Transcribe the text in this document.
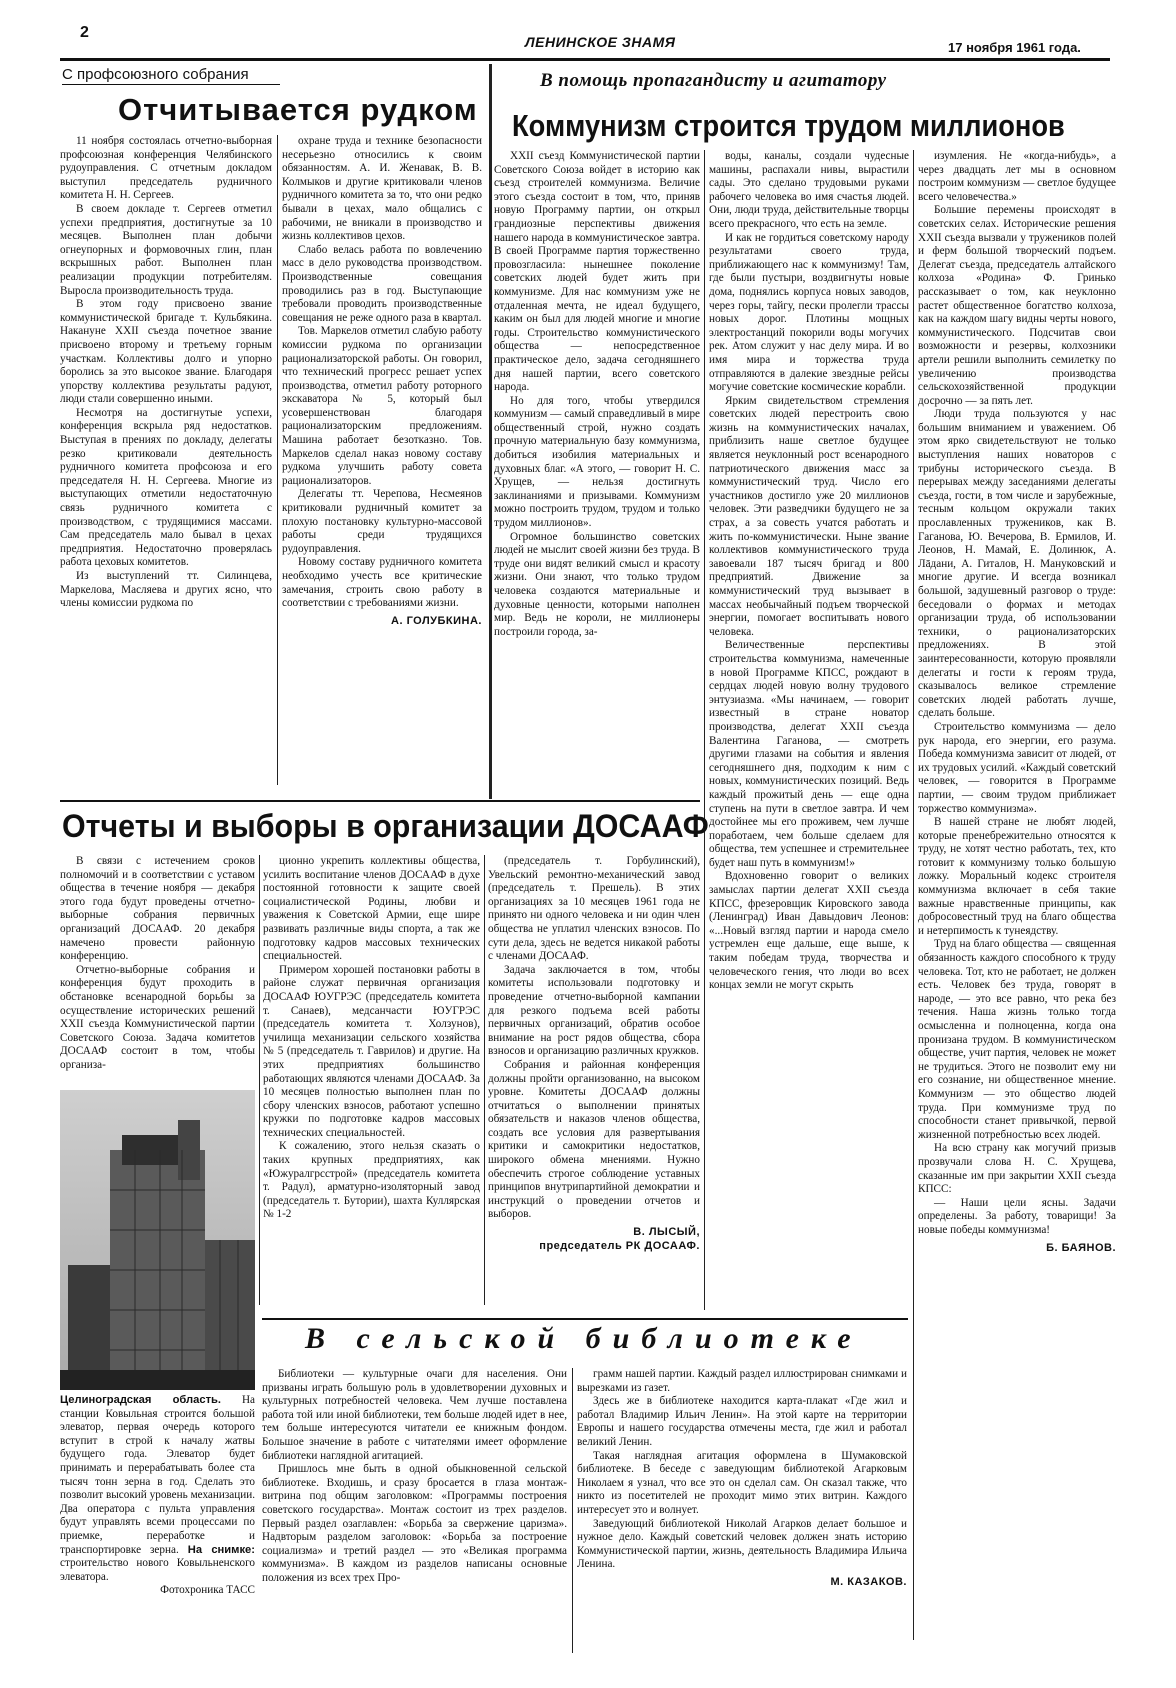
2
ЛЕНИНСКОЕ ЗНАМЯ	17 ноября 1961 года.
С профсоюзного собрания
Отчитывается рудком

11 ноября состоялась отчетно-выборная профсоюзная конференция Челябинского рудоуправления. С отчетным докладом выступил председатель рудничного комитета Н. Н. Сергеев.

В своем докладе т. Сергеев отметил успехи предприятия, достигнутые за 10 месяцев. Выполнен план добычи огнеупорных и формовочных глин, план вскрышных работ. Выполнен план реализации продукции потребителям. Выросла производительность труда.

В этом году присвоено звание коммунистической бригаде т. Кульбякина. Накануне XXII съезда почетное звание присвоено второму и третьему горным участкам. Коллективы долго и упорно боролись за это высокое звание. Благодаря упорству коллектива результаты радуют, люди стали совершенно иными.

Несмотря на достигнутые успехи, конференция вскрыла ряд недостатков. Выступая в прениях по докладу, делегаты резко критиковали деятельность рудничного комитета профсоюза и его председателя Н. Н. Сергеева. Многие из выступающих отметили недостаточную связь рудничного комитета с производством, с трудящимися массами. Сам председатель мало бывал в цехах предприятия. Недостаточно проверялась работа цеховых комитетов.

Из выступлений тт. Силинцева, Маркелова, Масляева и других ясно, что члены комиссии рудкома по

охране труда и технике безопасности несерьезно относились к своим обязанностям. А. И. Женавак, В. В. Колмыков и другие критиковали членов рудничного комитета за то, что они редко бывали в цехах, мало общались с рабочими, не вникали в производство и жизнь коллективов цехов.

Слабо велась работа по вовлечению масс в дело руководства производством. Производственные совещания проводились раз в год. Выступающие требовали проводить производственные совещания не реже одного раза в квартал.

Тов. Маркелов отметил слабую работу комиссии рудкома по организации рационализаторской работы. Он говорил, что технический прогресс решает успех производства, отметил работу роторного экскаватора № 5, который был усовершенствован благодаря рационализаторским предложениям. Машина работает безотказно. Тов. Маркелов сделал наказ новому составу рудкома улучшить работу совета рационализаторов.

Делегаты тт. Черепова, Несмеянов критиковали рудничный комитет за плохую постановку культурно-массовой работы среди трудящихся рудоуправления.

Новому составу рудничного комитета необходимо учесть все критические замечания, строить свою работу в соответствии с требованиями жизни.

А. ГОЛУБКИНА.
В помощь пропагандисту и агитатору
Коммунизм строится трудом миллионов

XXII съезд Коммунистической партии Советского Союза войдет в историю как съезд строителей коммунизма. Величие этого съезда состоит в том, что, приняв новую Программу партии, он открыл грандиозные перспективы движения нашего народа в коммунистическое завтра. В своей Программе партия торжественно провозгласила: нынешнее поколение советских людей будет жить при коммунизме. Для нас коммунизм уже не отдаленная мечта, не идеал будущего, каким он был для людей многие и многие годы. Строительство коммунистического общества — непосредственное практическое дело, задача сегодняшнего дня нашей партии, всего советского народа.

Но для того, чтобы утвердился коммунизм — самый справедливый в мире общественный строй, нужно создать прочную материальную базу коммунизма, добиться изобилия материальных и духовных благ. «А этого, — говорит Н. С. Хрущев, — нельзя достигнуть заклинаниями и призывами. Коммунизм можно построить трудом, трудом и только трудом миллионов».

Огромное большинство советских людей не мыслит своей жизни без труда. В труде они видят великий смысл и красоту жизни. Они знают, что только трудом человека создаются материальные и духовные ценности, которыми наполнен мир. Ведь не короли, не миллионеры построили города, за-

воды, каналы, создали чудесные машины, распахали нивы, вырастили сады. Это сделано трудовыми руками рабочего человека во имя счастья людей. Они, люди труда, действительные творцы всего прекрасного, что есть на земле.

И как не гордиться советскому народу результатами своего труда, приближающего нас к коммунизму! Там, где были пустыри, воздвигнуты новые дома, поднялись корпуса новых заводов, через горы, тайгу, пески пролегли трассы новых дорог. Плотины мощных электростанций покорили воды могучих рек. Атом служит у нас делу мира. И во имя мира и торжества труда отправляются в далекие звездные рейсы могучие советские космические корабли.

Ярким свидетельством стремления советских людей перестроить свою жизнь на коммунистических началах, приблизить наше светлое будущее является неуклонный рост всенародного патриотического движения масс за коммунистический труд. Число его участников достигло уже 20 миллионов человек. Эти разведчики будущего не за страх, а за совесть учатся работать и жить по-коммунистически. Ныне звание коллективов коммунистического труда завоевали 187 тысяч бригад и 800 предприятий. Движение за коммунистический труд вызывает в массах необычайный подъем творческой энергии, помогает воспитывать нового человека.

Величественные перспективы строительства коммунизма, намеченные в новой Программе КПСС, рождают в сердцах людей новую волну трудового энтузиазма. «Мы начинаем, — говорит известный в стране новатор производства, делегат XXII съезда Валентина Гаганова, — смотреть другими глазами на события и явления сегодняшнего дня, подходим к ним с новых, коммунистических позиций. Ведь каждый прожитый день — еще одна ступень на пути в светлое завтра. И чем достойнее мы его проживем, чем лучше поработаем, чем больше сделаем для общества, тем успешнее и стремительнее будет наш путь в коммунизм!»

Вдохновенно говорит о великих замыслах партии делегат XXII съезда КПСС, фрезеровщик Кировского завода (Ленинград) Иван Давыдович Леонов: «...Новый взгляд партии и народа смело устремлен еще дальше, еще выше, к таким победам труда, творчества и человеческого гения, что люди во всех концах земли не могут скрыть

изумления. Не «когда-нибудь», а через двадцать лет мы в основном построим коммунизм — светлое будущее всего человечества.»

Большие перемены происходят в советских селах. Исторические решения XXII съезда вызвали у тружеников полей и ферм большой творческий подъем. Делегат съезда, председатель алтайского колхоза «Родина» Ф. Гринько рассказывает о том, как неуклонно растет общественное богатство колхоза, как на каждом шагу видны черты нового, коммунистического. Подсчитав свои возможности и резервы, колхозники артели решили выполнить семилетку по увеличению производства сельскохозяйственной продукции досрочно — за пять лет.

Люди труда пользуются у нас большим вниманием и уважением. Об этом ярко свидетельствуют не только выступления наших новаторов с трибуны исторического съезда. В перерывах между заседаниями делегаты съезда, гости, в том числе и зарубежные, тесным кольцом окружали таких прославленных тружеников, как В. Гаганова, Ю. Вечерова, В. Ермилов, И. Леонов, Н. Мамай, Е. Долинюк, А. Лāдани, А. Гиталов, Н. Мануковский и многие другие. И всегда возникал большой, задушевный разговор о труде: беседовали о формах и методах организации труда, об использовании техники, о рационализаторских предложениях. В этой заинтересованности, которую проявляли делегаты и гости к героям труда, сказывалось великое стремление советских людей работать лучше, сделать больше.

Строительство коммунизма — дело рук народа, его энергии, его разума. Победа коммунизма зависит от людей, от их трудовых усилий. «Каждый советский человек, — говорится в Программе партии, — своим трудом приближает торжество коммунизма».

В нашей стране не любят людей, которые пренебрежительно относятся к труду, не хотят честно работать, тех, кто готовит к коммунизму только большую ложку. Моральный кодекс строителя коммунизма включает в себя такие важные нравственные принципы, как добросовестный труд на благо общества и нетерпимость к тунеядству.

Труд на благо общества — священная обязанность каждого способного к труду человека. Тот, кто не работает, не должен есть. Человек без труда, говорят в народе, — это все равно, что река без течения. Наша жизнь только тогда осмысленна и полноценна, когда она пронизана трудом. В коммунистическом обществе, учит партия, человек не может не трудиться. Этого не позволит ему ни его сознание, ни общественное мнение. Коммунизм — это общество людей труда. При коммунизме труд по способности станет привычкой, первой жизненной потребностью всех людей.

На всю страну как могучий призыв прозвучали слова Н. С. Хрущева, сказанные им при закрытии XXII съезда КПСС:

— Наши цели ясны. Задачи определены. За работу, товарищи! За новые победы коммунизма!

Б. БАЯНОВ.
Отчеты и выборы в организации ДОСААФ

В связи с истечением сроков полномочий и в соответствии с уставом общества в течение ноября — декабря этого года будут проведены отчетно-выборные собрания первичных организаций ДОСААФ. 20 декабря намечено провести районную конференцию.

Отчетно-выборные собрания и конференция будут проходить в обстановке всенародной борьбы за осуществление исторических решений XXII съезда Коммунистической партии Советского Союза. Задача комитетов ДОСААФ состоит в том, чтобы организа-

ционно укрепить коллективы общества, усилить воспитание членов ДОСААФ в духе постоянной готовности к защите своей социалистической Родины, любви и уважения к Советской Армии, еще шире развивать различные виды спорта, а так же подготовку кадров массовых технических специальностей.

Примером хорошей постановки работы в районе служат первичная организация ДОСААФ ЮУГРЭС (председатель комитета т. Санаев), медсанчасти ЮУГРЭС (председатель комитета т. Холзунов), училища механизации сельского хозяйства № 5 (председатель т. Гаврилов) и другие. На этих предприятиях большинство работающих являются членами ДОСААФ. За 10 месяцев полностью выполнен план по сбору членских взносов, работают успешно кружки по подготовке кадров массовых технических специальностей.

К сожалению, этого нельзя сказать о таких крупных предприятиях, как «Южуралгрсстрой» (председатель комитета т. Радул), арматурно-изоляторный завод (председатель т. Бутории), шахта Куллярская № 1-2

(председатель т. Горбулинский), Увельский ремонтно-механический завод (председатель т. Прешель). В этих организациях за 10 месяцев 1961 года не принято ни одного человека и ни один член общества не уплатил членских взносов. По сути дела, здесь не ведется никакой работы с членами ДОСААФ.

Задача заключается в том, чтобы комитеты использовали подготовку и проведение отчетно-выборной кампании для резкого подъема всей работы первичных организаций, обратив особое внимание на рост рядов общества, сбора взносов и организацию различных кружков.

Собрания и районная конференция должны пройти организованно, на высоком уровне. Комитеты ДОСААФ должны отчитаться о выполнении принятых обязательств и наказов членов общества, создать все условия для развертывания критики и самокритики недостатков, широкого обмена мнениями. Нужно обеспечить строгое соблюдение уставных принципов внутрипартийной демократии и инструкций о проведении отчетов и выборов.

В. ЛЫСЫЙ,
председатель РК ДОСААФ.
Целиноградская область. На станции Ковыльная строится большой элеватор, первая очередь которого вступит в строй к началу жатвы будущего года. Элеватор будет принимать и перерабатывать более ста тысяч тонн зерна в год. Сделать это позволит высокий уровень механизации. Два оператора с пульта управления будут управлять всеми процессами по приемке, переработке и транспортировке зерна. На снимке: строительство нового Ковыльненского элеватора.
Фотохроника ТАСС
В сельской библиотеке

Библиотеки — культурные очаги для населения. Они призваны играть большую роль в удовлетворении духовных и культурных потребностей человека. Чем лучше поставлена работа той или иной библиотеки, тем больше людей идет в нее, тем больше интересуются читатели ее книжным фондом. Большое значение в работе с читателями имеет оформление библиотеки наглядной агитацией.

Пришлось мне быть в одной обыкновенной сельской библиотеке. Входишь, и сразу бросается в глаза монтаж-витрина под общим заголовком: «Программы построения советского государства». Монтаж состоит из трех разделов. Первый раздел озаглавлен: «Борьба за свержение царизма». Надвторым разделом заголовок: «Борьба за построение социализма» и третий раздел — это «Великая программа коммунизма». В каждом из разделов написаны основные положения из всех трех Про-

грамм нашей партии. Каждый раздел иллюстрирован снимками и вырезками из газет.

Здесь же в библиотеке находится карта-плакат «Где жил и работал Владимир Ильич Ленин». На этой карте на территории Европы и нашего государства отмечены места, где жил и работал великий Ленин.

Такая наглядная агитация оформлена в Шумаковской библиотеке. В беседе с заведующим библиотекой Агарковым Николаем я узнал, что все это он сделал сам. Он сказал также, что никто из посетителей не проходит мимо этих витрин. Каждого интересует это и волнует.

Заведующий библиотекой Николай Агарков делает большое и нужное дело. Каждый советский человек должен знать историю Коммунистической партии, жизнь, деятельность Владимира Ильича Ленина.

М. КАЗАКОВ.
